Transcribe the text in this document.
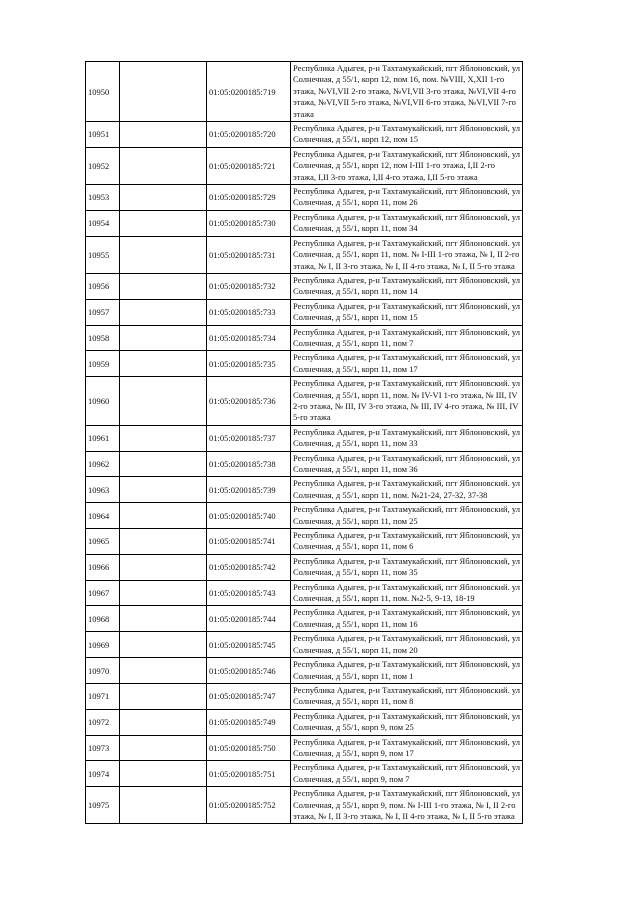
10950		01:05:0200185:719	Республика Адыгея, р-н Тахтамукайский, пгт Яблоновский, ул Солнечная, д 55/1, корп 12, пом 16, пом. №VIII, X,XII 1-го этажа, №VI,VII 2-го этажа, №VI,VII 3-го этажа, №VI,VII 4-го этажа, №VI,VII 5-го этажа, №VI,VII 6-го этажа, №VI,VII 7-го этажа

10951		01:05:0200185:720	Республика Адыгея, р-н Тахтамукайский, пгт Яблоновский, ул Солнечная, д 55/1, корп 12, пом 15

10952		01:05:0200185:721	Республика Адыгея, р-н Тахтамукайский, пгт Яблоновский, ул Солнечная, д 55/1, корп 12, пом I-III 1-го этажа, I,II 2-го этажа, I,II 3-го этажа, I,II 4-го этажа, I,II 5-го этажа

10953		01:05:0200185:729	Республика Адыгея, р-н Тахтамукайский, пгт Яблоновский, ул Солнечная, д 55/1, корп 11, пом 26

10954		01:05:0200185:730	Республика Адыгея, р-н Тахтамукайский, пгт Яблоновский, ул Солнечная, д 55/1, корп 11, пом 34

10955		01:05:0200185:731	Республика Адыгея, р-н Тахтамукайский, пгт Яблоновский. ул Солнечная, д 55/1, корп 11, пом. № I-III 1-го этажа, № I, II 2-го этажа, № I, II 3-го этажа, № I, II 4-го этажа, № I, II 5-го этажа

10956		01:05:0200185:732	Республика Адыгея, р-н Тахтамукайский, пгт Яблоновский, ул Солнечная, д 55/1, корп 11, пом 14

10957		01:05:0200185:733	Республика Адыгея, р-н Тахтамукайский, пгт Яблоновский, ул Солнечная, д 55/1, корп 11, пом 15

10958		01:05:0200185:734	Республика Адыгея, р-н Тахтамукайский, пгт Яблоновский, ул Солнечная, д 55/1, корп 11, пом 7

10959		01:05:0200185:735	Республика Адыгея, р-н Тахтамукайский, пгт Яблоновский, ул Солнечная, д 55/1, корп 11, пом 17

10960		01:05:0200185:736	Республика Адыгея, р-н Тахтамукайский, пгт Яблоновский. ул Солнечная, д 55/1, корп 11, пом. № IV-VI 1-го этажа, № III, IV 2-го этажа, № III, IV 3-го этажа, № III, IV 4-го этажа, № III, IV 5-го этажа

10961		01:05:0200185:737	Республика Адыгея, р-н Тахтамукайский, пгт Яблоновский, ул Солнечная, д 55/1, корп 11, пом 33

10962		01:05:0200185:738	Республика Адыгея, р-н Тахтамукайский, пгт Яблоновский, ул Солнечная, д 55/1, корп 11, пом 36

10963		01:05:0200185:739	Республика Адыгея, р-н Тахтамукайский, пгт Яблоновский. ул Солнечная, д 55/1, корп 11, пом. №21-24, 27-32, 37-38

10964		01:05:0200185:740	Республика Адыгея, р-н Тахтамукайский, пгт Яблоновский, ул Солнечная, д 55/1, корп 11, пом 25

10965		01:05:0200185:741	Республика Адыгея, р-н Тахтамукайский, пгт Яблоновский, ул Солнечная, д 55/1, корп 11, пом 6

10966		01:05:0200185:742	Республика Адыгея, р-н Тахтамукайский, пгт Яблоновский, ул Солнечная, д 55/1, корп 11, пом 35

10967		01:05:0200185:743	Республика Адыгея, р-н Тахтамукайский, пгт Яблоновский. ул Солнечная, д 55/1, корп 11, пом. №2-5, 9-13, 18-19

10968		01:05:0200185:744	Республика Адыгея, р-н Тахтамукайский, пгт Яблоновский, ул Солнечная, д 55/1, корп 11, пом 16

10969		01:05:0200185:745	Республика Адыгея, р-н Тахтамукайский, пгт Яблоновский, ул Солнечная, д 55/1, корп 11, пом 20

10970		01:05:0200185:746	Республика Адыгея, р-н Тахтамукайский, пгт Яблоновский, ул Солнечная, д 55/1, корп 11, пом 1

10971		01:05:0200185:747	Республика Адыгея, р-н Тахтамукайский, пгт Яблоновский. ул Солнечная, д 55/1, корп 11, пом 8

10972		01:05:0200185:749	Республика Адыгея, р-н Тахтамукайский, пгт Яблоновский, ул Солнечная, д 55/1, корп 9, пом 25

10973		01:05:0200185:750	Республика Адыгея, р-н Тахтамукайский, пгт Яблоновский, ул Солнечная, д 55/1, корп 9, пом 17

10974		01:05:0200185:751	Республика Адыгея, р-н Тахтамукайский, пгт Яблоновский, ул Солнечная, д 55/1, корп 9, пом 7

10975		01:05:0200185:752	Республика Адыгея, р-н Тахтамукайский, пгт Яблоновский, ул Солнечная, д 55/1, корп 9, пом. № I-III 1-го этажа, № I, II 2-го этажа, № I, II 3-го этажа, № I, II 4-го этажа, № I, II 5-го этажа
